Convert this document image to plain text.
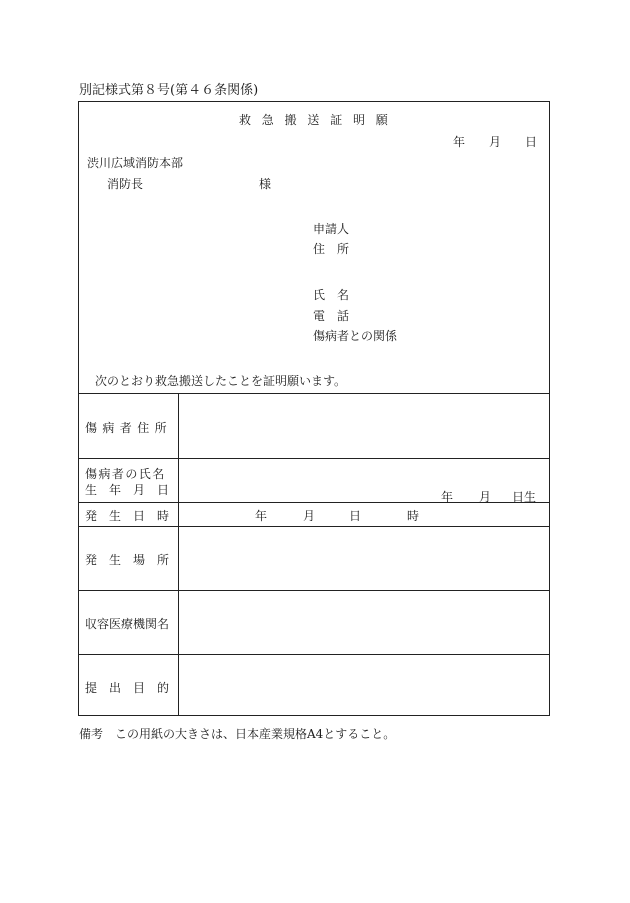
別記様式第８号(第４６条関係)
救急搬送証明願
年 月 日
渋川広域消防本部
消防長	様
申請人
住　所
氏　名
電　話
傷病者との関係
次のとおり救急搬送したことを証明願います。
傷病者住所
傷病者の氏名
生　年　月　日	年 月 日生
発　生　日　時	年	月	日	時
発　生　場　所
収容医療機関名
提　出　目　的
備考　この用紙の大きさは、日本産業規格A4とすること。
